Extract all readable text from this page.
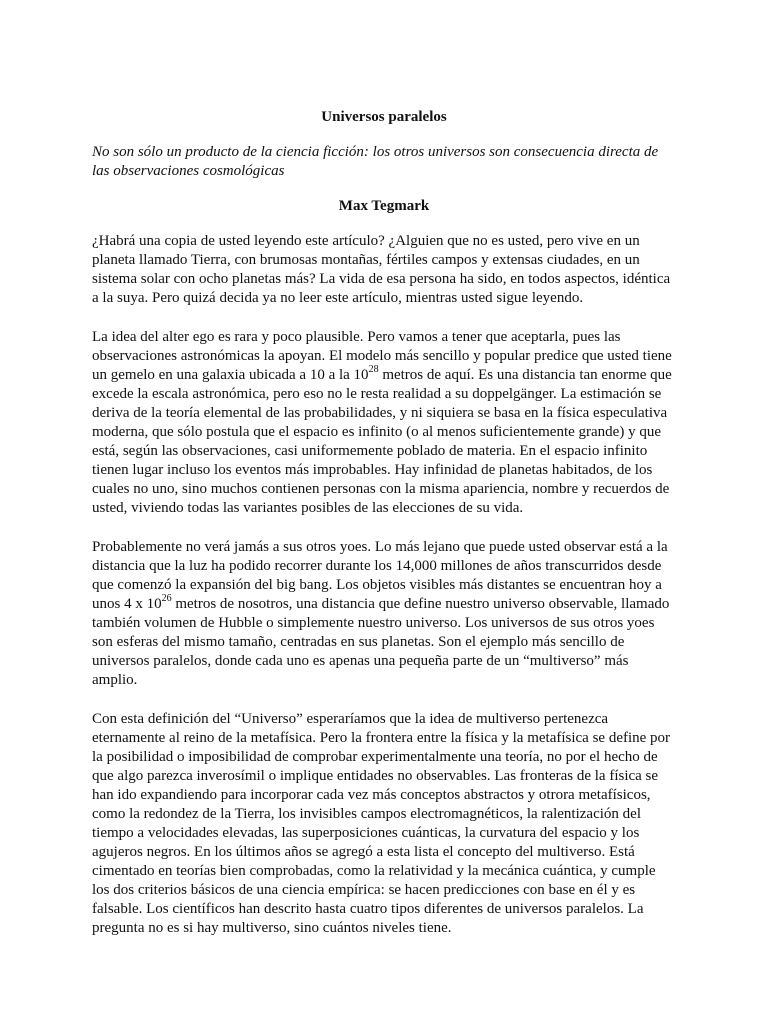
Universos paralelos
No son sólo un producto de la ciencia ficción: los otros universos son consecuencia directa de las observaciones cosmológicas
Max Tegmark

¿Habrá una copia de usted leyendo este artículo? ¿Alguien que no es usted, pero vive en un planeta llamado Tierra, con brumosas montañas, fértiles campos y extensas ciudades, en un sistema solar con ocho planetas más? La vida de esa persona ha sido, en todos aspectos, idéntica a la suya. Pero quizá decida ya no leer este artículo, mientras usted sigue leyendo.

La idea del alter ego es rara y poco plausible. Pero vamos a tener que aceptarla, pues las observaciones astronómicas la apoyan. El modelo más sencillo y popular predice que usted tiene un gemelo en una galaxia ubicada a 10 a la $10^{28}$ metros de aquí. Es una distancia tan enorme que excede la escala astronómica, pero eso no le resta realidad a su doppelgänger. La estimación se deriva de la teoría elemental de las probabilidades, y ni siquiera se basa en la física especulativa moderna, que sólo postula que el espacio es infinito (o al menos suficientemente grande) y que está, según las observaciones, casi uniformemente poblado de materia. En el espacio infinito tienen lugar incluso los eventos más improbables. Hay infinidad de planetas habitados, de los cuales no uno, sino muchos contienen personas con la misma apariencia, nombre y recuerdos de usted, viviendo todas las variantes posibles de las elecciones de su vida.

Probablemente no verá jamás a sus otros yoes. Lo más lejano que puede usted observar está a la distancia que la luz ha podido recorrer durante los 14,000 millones de años transcurridos desde que comenzó la expansión del big bang. Los objetos visibles más distantes se encuentran hoy a unos 4 x $10^{26}$ metros de nosotros, una distancia que define nuestro universo observable, llamado también volumen de Hubble o simplemente nuestro universo. Los universos de sus otros yoes son esferas del mismo tamaño, centradas en sus planetas. Son el ejemplo más sencillo de universos paralelos, donde cada uno es apenas una pequeña parte de un “multiverso” más amplio.

Con esta definición del “Universo” esperaríamos que la idea de multiverso pertenezca eternamente al reino de la metafísica. Pero la frontera entre la física y la metafísica se define por la posibilidad o imposibilidad de comprobar experimentalmente una teoría, no por el hecho de que algo parezca inverosímil o implique entidades no observables. Las fronteras de la física se han ido expandiendo para incorporar cada vez más conceptos abstractos y otrora metafísicos, como la redondez de la Tierra, los invisibles campos electromagnéticos, la ralentización del tiempo a velocidades elevadas, las superposiciones cuánticas, la curvatura del espacio y los agujeros negros. En los últimos años se agregó a esta lista el concepto del multiverso. Está cimentado en teorías bien comprobadas, como la relatividad y la mecánica cuántica, y cumple los dos criterios básicos de una ciencia empírica: se hacen predicciones con base en él y es falsable. Los científicos han descrito hasta cuatro tipos diferentes de universos paralelos. La pregunta no es si hay multiverso, sino cuántos niveles tiene.
